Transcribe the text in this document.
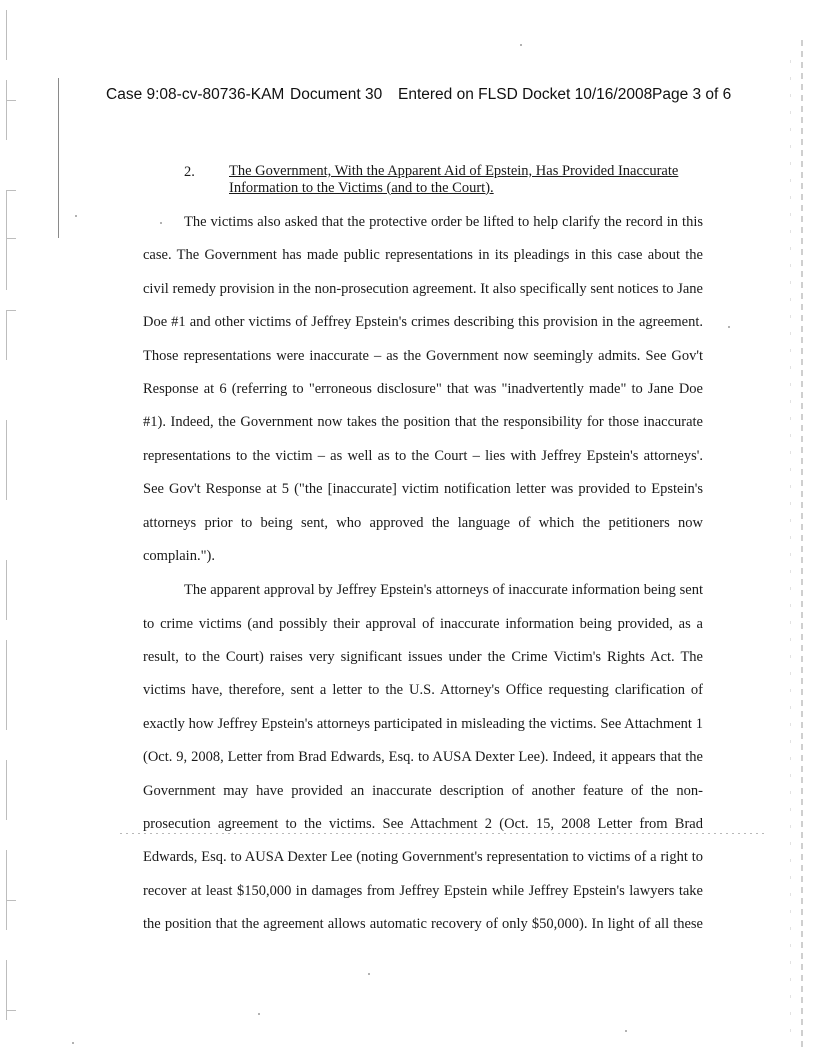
Case 9:08-cv-80736-KAM Document 30 Entered on FLSD Docket 10/16/2008 Page 3 of 6
2. The Government, With the Apparent Aid of Epstein, Has Provided Inaccurate
Information to the Victims (and to the Court).
The victims also asked that the protective order be lifted to help clarify the record in this
case. The Government has made public representations in its pleadings in this case about the
civil remedy provision in the non-prosecution agreement. It also specifically sent notices to Jane
Doe #1 and other victims of Jeffrey Epstein's crimes describing this provision in the agreement.
Those representations were inaccurate – as the Government now seemingly admits. See Gov't
Response at 6 (referring to "erroneous disclosure" that was "inadvertently made" to Jane Doe
#1). Indeed, the Government now takes the position that the responsibility for those inaccurate
representations to the victim – as well as to the Court – lies with Jeffrey Epstein's attorneys'.
See Gov't Response at 5 ("the [inaccurate] victim notification letter was provided to Epstein's
attorneys prior to being sent, who approved the language of which the petitioners now
complain.").
The apparent approval by Jeffrey Epstein's attorneys of inaccurate information being sent
to crime victims (and possibly their approval of inaccurate information being provided, as a
result, to the Court) raises very significant issues under the Crime Victim's Rights Act. The
victims have, therefore, sent a letter to the U.S. Attorney's Office requesting clarification of
exactly how Jeffrey Epstein's attorneys participated in misleading the victims. See Attachment 1
(Oct. 9, 2008, Letter from Brad Edwards, Esq. to AUSA Dexter Lee). Indeed, it appears that the
Government may have provided an inaccurate description of another feature of the non-
prosecution agreement to the victims. See Attachment 2 (Oct. 15, 2008 Letter from Brad
Edwards, Esq. to AUSA Dexter Lee (noting Government's representation to victims of a right to
recover at least $150,000 in damages from Jeffrey Epstein while Jeffrey Epstein's lawyers take
the position that the agreement allows automatic recovery of only $50,000). In light of all these
